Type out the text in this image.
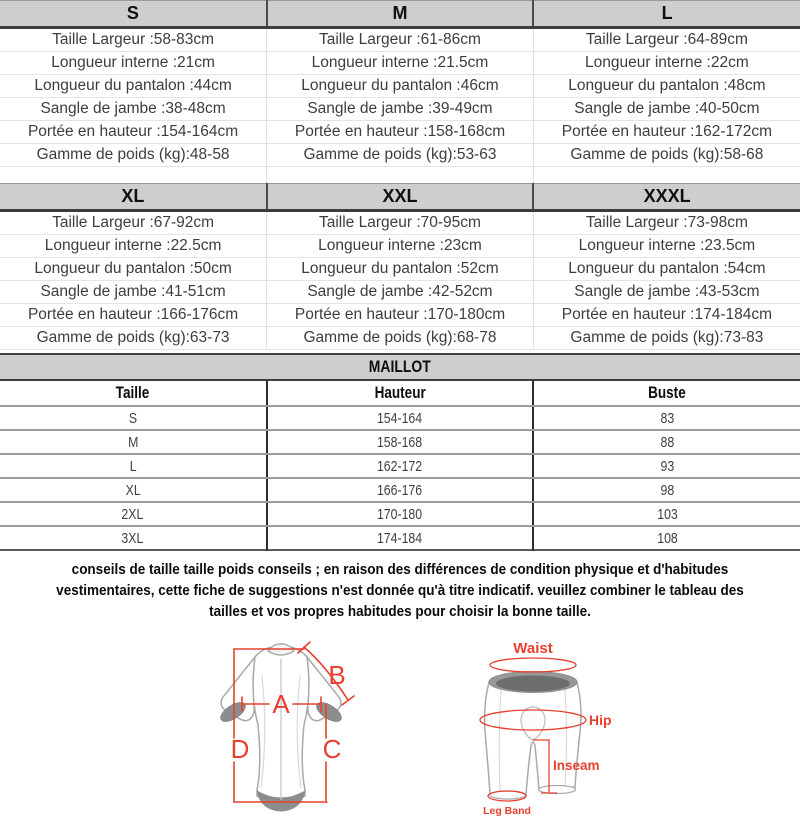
S	M	L
Taille Largeur :58-83cm	Taille Largeur :61-86cm	Taille Largeur :64-89cm
Longueur interne :21cm	Longueur interne :21.5cm	Longueur interne :22cm
Longueur du pantalon :44cm	Longueur du pantalon :46cm	Longueur du pantalon :48cm
Sangle de jambe :38-48cm	Sangle de jambe :39-49cm	Sangle de jambe :40-50cm
Portée en hauteur :154-164cm	Portée en hauteur :158-168cm	Portée en hauteur :162-172cm
Gamme de poids (kg):48-58	Gamme de poids (kg):53-63	Gamme de poids (kg):58-68

XL	XXL	XXXL
Taille Largeur :67-92cm	Taille Largeur :70-95cm	Taille Largeur :73-98cm
Longueur interne :22.5cm	Longueur interne :23cm	Longueur interne :23.5cm
Longueur du pantalon :50cm	Longueur du pantalon :52cm	Longueur du pantalon :54cm
Sangle de jambe :41-51cm	Sangle de jambe :42-52cm	Sangle de jambe :43-53cm
Portée en hauteur :166-176cm	Portée en hauteur :170-180cm	Portée en hauteur :174-184cm
Gamme de poids (kg):63-73	Gamme de poids (kg):68-78	Gamme de poids (kg):73-83
MAILLOT
Taille	Hauteur	Buste
S	154-164	83
M	158-168	88
L	162-172	93
XL	166-176	98
2XL	170-180	103
3XL	174-184	108
conseils de taille taille poids conseils ; en raison des différences de condition physique et d'habitudes
vestimentaires, cette fiche de suggestions n'est donnée qu'à titre indicatif. veuillez combiner le tableau des
tailles et vos propres habitudes pour choisir la bonne taille.
A
B
C
D
Waist
Hip
Inseam
Leg Band
